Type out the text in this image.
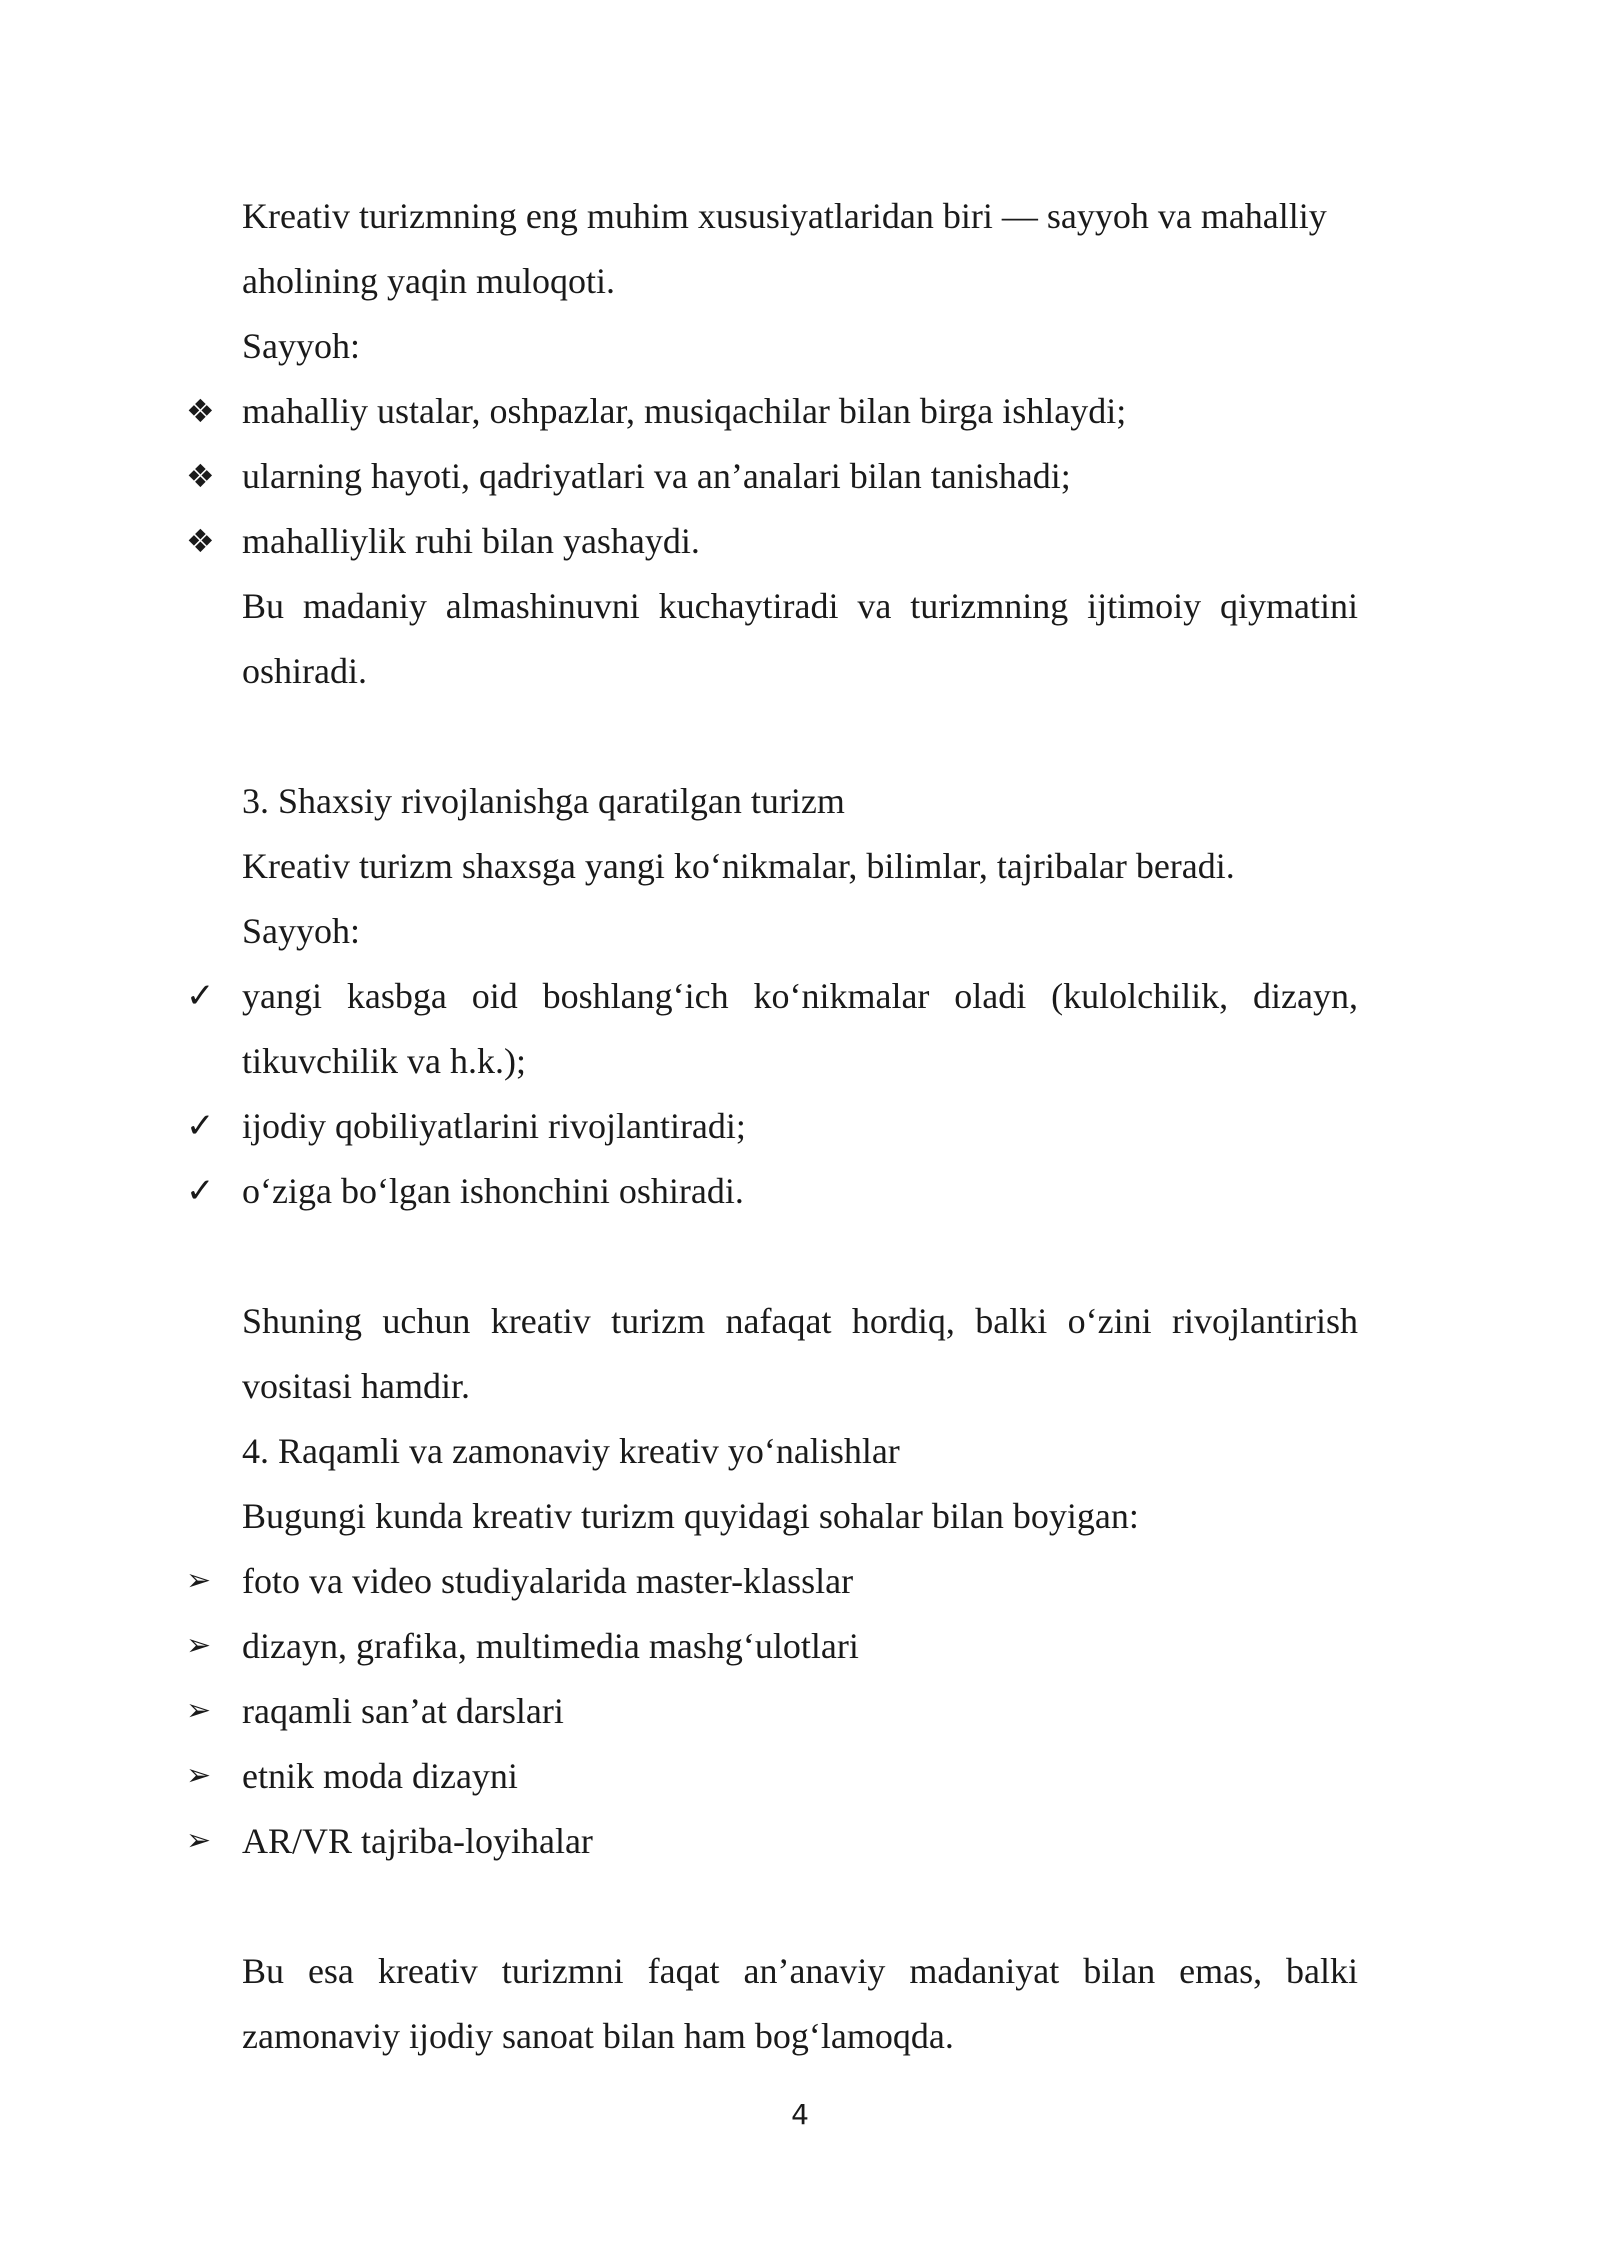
Kreativ turizmning eng muhim xususiyatlaridan biri — sayyoh va mahalliy
aholining yaqin muloqoti.
Sayyoh:
❖ mahalliy ustalar, oshpazlar, musiqachilar bilan birga ishlaydi;
❖ ularning hayoti, qadriyatlari va an’analari bilan tanishadi;
❖ mahalliylik ruhi bilan yashaydi.
Bu madaniy almashinuvni kuchaytiradi va turizmning ijtimoiy qiymatini
oshiradi.
3. Shaxsiy rivojlanishga qaratilgan turizm
Kreativ turizm shaxsga yangi ko‘nikmalar, bilimlar, tajribalar beradi.
Sayyoh:
✓ yangi kasbga oid boshlang‘ich ko‘nikmalar oladi (kulolchilik, dizayn,
tikuvchilik va h.k.);
✓ ijodiy qobiliyatlarini rivojlantiradi;
✓ o‘ziga bo‘lgan ishonchini oshiradi.
Shuning uchun kreativ turizm nafaqat hordiq, balki o‘zini rivojlantirish
vositasi hamdir.
4. Raqamli va zamonaviy kreativ yo‘nalishlar
Bugungi kunda kreativ turizm quyidagi sohalar bilan boyigan:
➢ foto va video studiyalarida master-klasslar
➢ dizayn, grafika, multimedia mashg‘ulotlari
➢ raqamli san’at darslari
➢ etnik moda dizayni
➢ AR/VR tajriba-loyihalar
Bu esa kreativ turizmni faqat an’anaviy madaniyat bilan emas, balki
zamonaviy ijodiy sanoat bilan ham bog‘lamoqda.
4
